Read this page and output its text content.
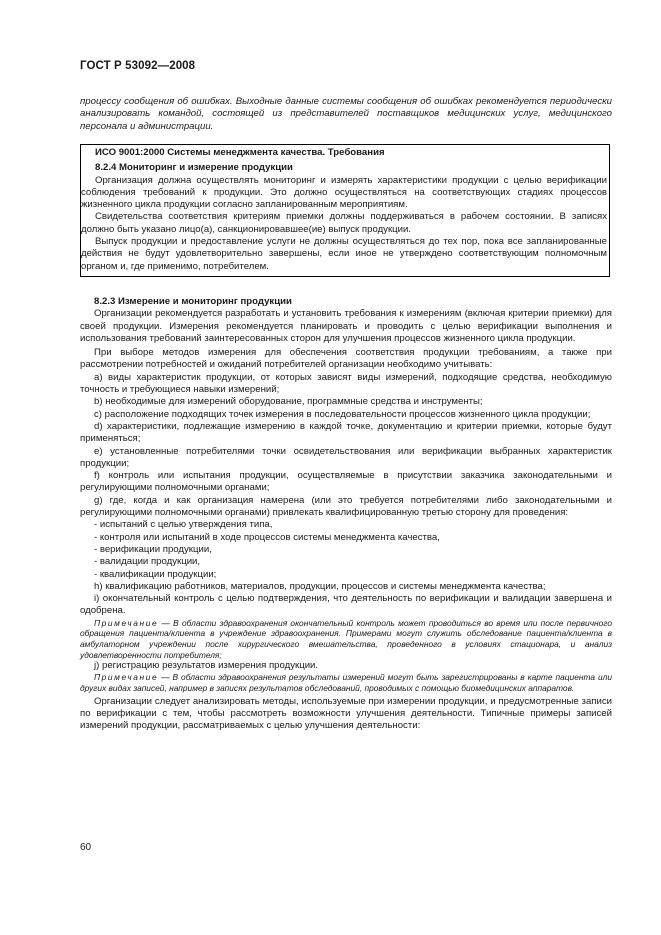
ГОСТ Р 53092—2008
процессу сообщения об ошибках. Выходные данные системы сообщения об ошибках рекомендуется периодически анализировать командой, состоящей из представителей поставщиков медицинских услуг, медицинского персонала и администрации.
ИСО 9001:2000 Системы менеджмента качества. Требования
8.2.4 Мониторинг и измерение продукции

Организация должна осуществлять мониторинг и измерять характеристики продукции с целью верификации соблюдения требований к продукции. Это должно осуществляться на соответствующих стадиях процессов жизненного цикла продукции согласно запланированным мероприятиям.

Свидетельства соответствия критериям приемки должны поддерживаться в рабочем состоянии. В записях должно быть указано лицо(а), санкционировавшее(ие) выпуск продукции.

Выпуск продукции и предоставление услуги не должны осуществляться до тех пор, пока все запланированные действия не будут удовлетворительно завершены, если иное не утверждено соответствующим полномочным органом и, где применимо, потребителем.

8.2.3 Измерение и мониторинг продукции

Организации рекомендуется разработать и установить требования к измерениям (включая критерии приемки) для своей продукции. Измерения рекомендуется планировать и проводить с целью верификации выполнения и использования требований заинтересованных сторон для улучшения процессов жизненного цикла продукции.

При выборе методов измерения для обеспечения соответствия продукции требованиям, а также при рассмотрении потребностей и ожиданий потребителей организации необходимо учитывать:

а) виды характеристик продукции, от которых зависят виды измерений, подходящие средства, необходимую точность и требующиеся навыки измерений;

b) необходимые для измерений оборудование, программные средства и инструменты;

c) расположение подходящих точек измерения в последовательности процессов жизненного цикла продукции;

d) характеристики, подлежащие измерению в каждой точке, документацию и критерии приемки, которые будут применяться;

e) установленные потребителями точки освидетельствования или верификации выбранных характеристик продукции;

f) контроль или испытания продукции, осуществляемые в присутствии заказчика законодательными и регулирующими полномочными органами;

g) где, когда и как организация намерена (или это требуется потребителями либо законодательными и регулирующими полномочными органами) привлекать квалифицированную третью сторону для проведения:

- испытаний с целью утверждения типа,
- контроля или испытаний в ходе процессов системы менеджмента качества,
- верификации продукции,
- валидации продукции,
- квалификации продукции;

h) квалификацию работников, материалов, продукции, процессов и системы менеджмента качества;

i) окончательный контроль с целью подтверждения, что деятельность по верификации и валидации завершена и одобрена.

Примечание — В области здравоохранения окончательный контроль может проводиться во время или после первичного обращения пациента/клиента в учреждение здравоохранения. Примерами могут служить обследование пациента/клиента в амбулаторном учреждении после хирургического вмешательства, проведенного в условиях стационара, и анализ удовлетворенности потребителя;

j) регистрацию результатов измерения продукции.

Примечание — В области здравоохранения результаты измерений могут быть зарегистрированы в карте пациента или других видах записей, например в записях результатов обследований, проводимых с помощью биомедицинских аппаратов.

Организации следует анализировать методы, используемые при измерении продукции, и предусмотренные записи по верификации с тем, чтобы рассмотреть возможности улучшения деятельности. Типичные примеры записей измерений продукции, рассматриваемых с целью улучшения деятельности:

60
